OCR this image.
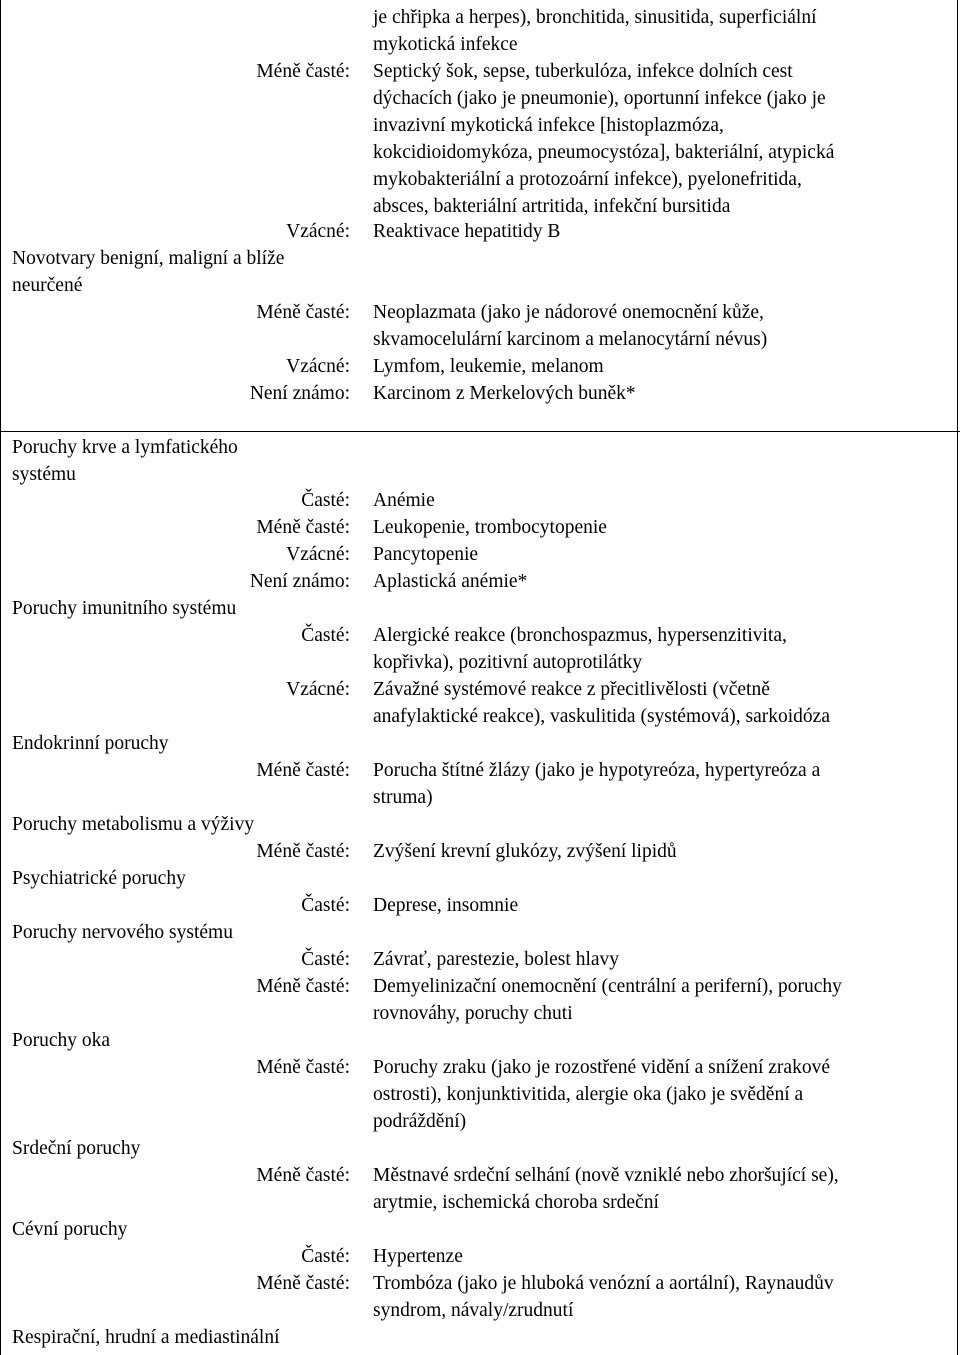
je chřipka a herpes), bronchitida, sinusitida, superficiální
mykotická infekce
Méně časté: Septický šok, sepse, tuberkulóza, infekce dolních cest
dýchacích (jako je pneumonie), oportunní infekce (jako je
invazivní mykotická infekce [histoplazmóza,
kokcidioidomykóza, pneumocystóza], bakteriální, atypická
mykobakteriální a protozoární infekce), pyelonefritida,
absces, bakteriální artritida, infekční bursitida
Vzácné: Reaktivace hepatitidy B
Novotvary benigní, maligní a blíže
neurčené
Méně časté: Neoplazmata (jako je nádorové onemocnění kůže,
skvamocelulární karcinom a melanocytární névus)
Vzácné: Lymfom, leukemie, melanom
Není známo: Karcinom z Merkelových buněk*
Poruchy krve a lymfatického
systému
Časté: Anémie
Méně časté: Leukopenie, trombocytopenie
Vzácné: Pancytopenie
Není známo: Aplastická anémie*
Poruchy imunitního systému
Časté: Alergické reakce (bronchospazmus, hypersenzitivita,
kopřivka), pozitivní autoprotilátky
Vzácné: Závažné systémové reakce z přecitlivělosti (včetně
anafylaktické reakce), vaskulitida (systémová), sarkoidóza
Endokrinní poruchy
Méně časté: Porucha štítné žlázy (jako je hypotyreóza, hypertyreóza a
struma)
Poruchy metabolismu a výživy
Méně časté: Zvýšení krevní glukózy, zvýšení lipidů
Psychiatrické poruchy
Časté: Deprese, insomnie
Poruchy nervového systému
Časté: Závrať, parestezie, bolest hlavy
Méně časté: Demyelinizační onemocnění (centrální a periferní), poruchy
rovnováhy, poruchy chuti
Poruchy oka
Méně časté: Poruchy zraku (jako je rozostřené vidění a snížení zrakové
ostrosti), konjunktivitida, alergie oka (jako je svědění a
podráždění)
Srdeční poruchy
Méně časté: Městnavé srdeční selhání (nově vzniklé nebo zhoršující se),
arytmie, ischemická choroba srdeční
Cévní poruchy
Časté: Hypertenze
Méně časté: Trombóza (jako je hluboká venózní a aortální), Raynaudův
syndrom, návaly/zrudnutí
Respirační, hrudní a mediastinální
